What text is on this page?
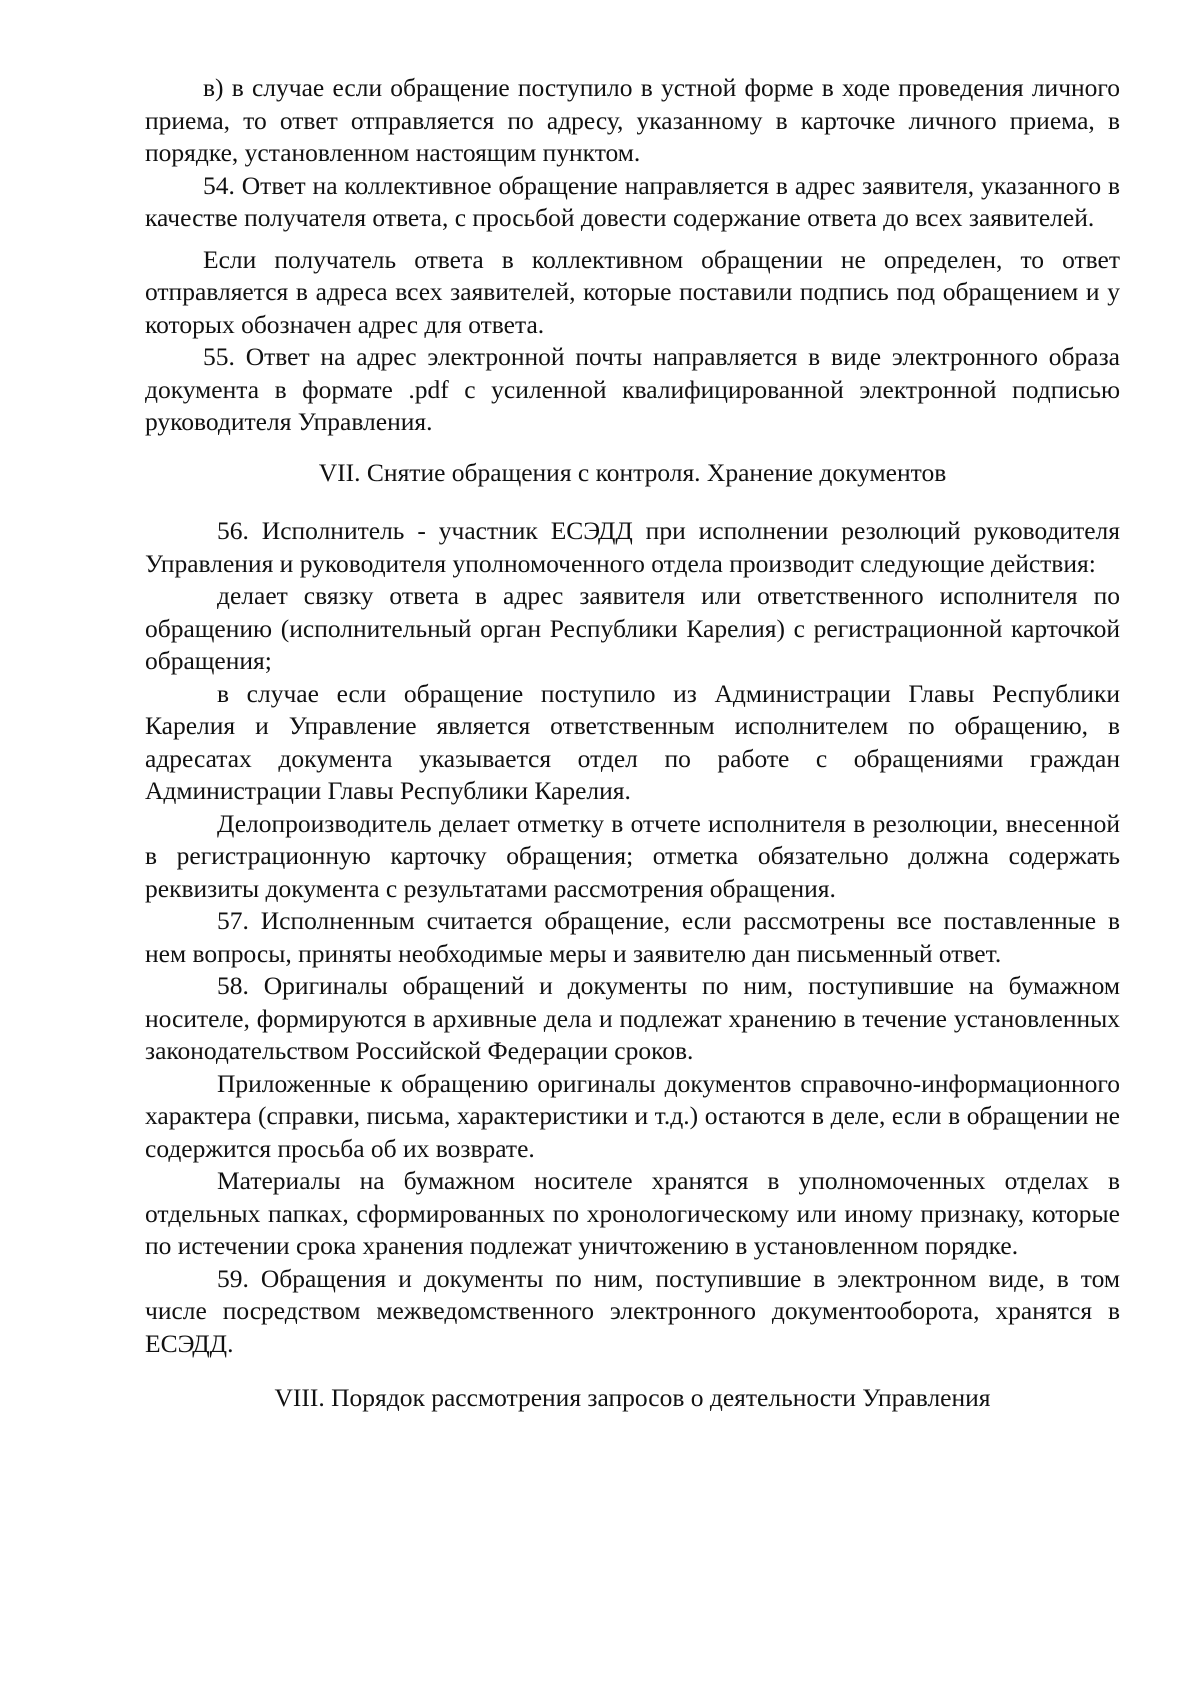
в) в случае если обращение поступило в устной форме в ходе проведения личного приема, то ответ отправляется по адресу, указанному в карточке личного приема, в порядке, установленном настоящим пунктом.

54. Ответ на коллективное обращение направляется в адрес заявителя, указанного в качестве получателя ответа, с просьбой довести содержание ответа до всех заявителей.

Если получатель ответа в коллективном обращении не определен, то ответ отправляется в адреса всех заявителей, которые поставили подпись под обращением и у которых обозначен адрес для ответа.

55. Ответ на адрес электронной почты направляется в виде электронного образа документа в формате .pdf с усиленной квалифицированной электронной подписью руководителя Управления.

VII. Снятие обращения с контроля. Хранение документов

56. Исполнитель - участник ЕСЭДД при исполнении резолюций руководителя Управления и руководителя уполномоченного отдела производит следующие действия:

делает связку ответа в адрес заявителя или ответственного исполнителя по обращению (исполнительный орган Республики Карелия) с регистрационной карточкой обращения;

в случае если обращение поступило из Администрации Главы Республики Карелия и Управление является ответственным исполнителем по обращению, в адресатах документа указывается отдел по работе с обращениями граждан Администрации Главы Республики Карелия.

Делопроизводитель делает отметку в отчете исполнителя в резолюции, внесенной в регистрационную карточку обращения; отметка обязательно должна содержать реквизиты документа с результатами рассмотрения обращения.

57. Исполненным считается обращение, если рассмотрены все поставленные в нем вопросы, приняты необходимые меры и заявителю дан письменный ответ.

58. Оригиналы обращений и документы по ним, поступившие на бумажном носителе, формируются в архивные дела и подлежат хранению в течение установленных законодательством Российской Федерации сроков.

Приложенные к обращению оригиналы документов справочно-информационного характера (справки, письма, характеристики и т.д.) остаются в деле, если в обращении не содержится просьба об их возврате.

Материалы на бумажном носителе хранятся в уполномоченных отделах в отдельных папках, сформированных по хронологическому или иному признаку, которые по истечении срока хранения подлежат уничтожению в установленном порядке.

59. Обращения и документы по ним, поступившие в электронном виде, в том числе посредством межведомственного электронного документооборота, хранятся в ЕСЭДД.

VIII. Порядок рассмотрения запросов о деятельности Управления
